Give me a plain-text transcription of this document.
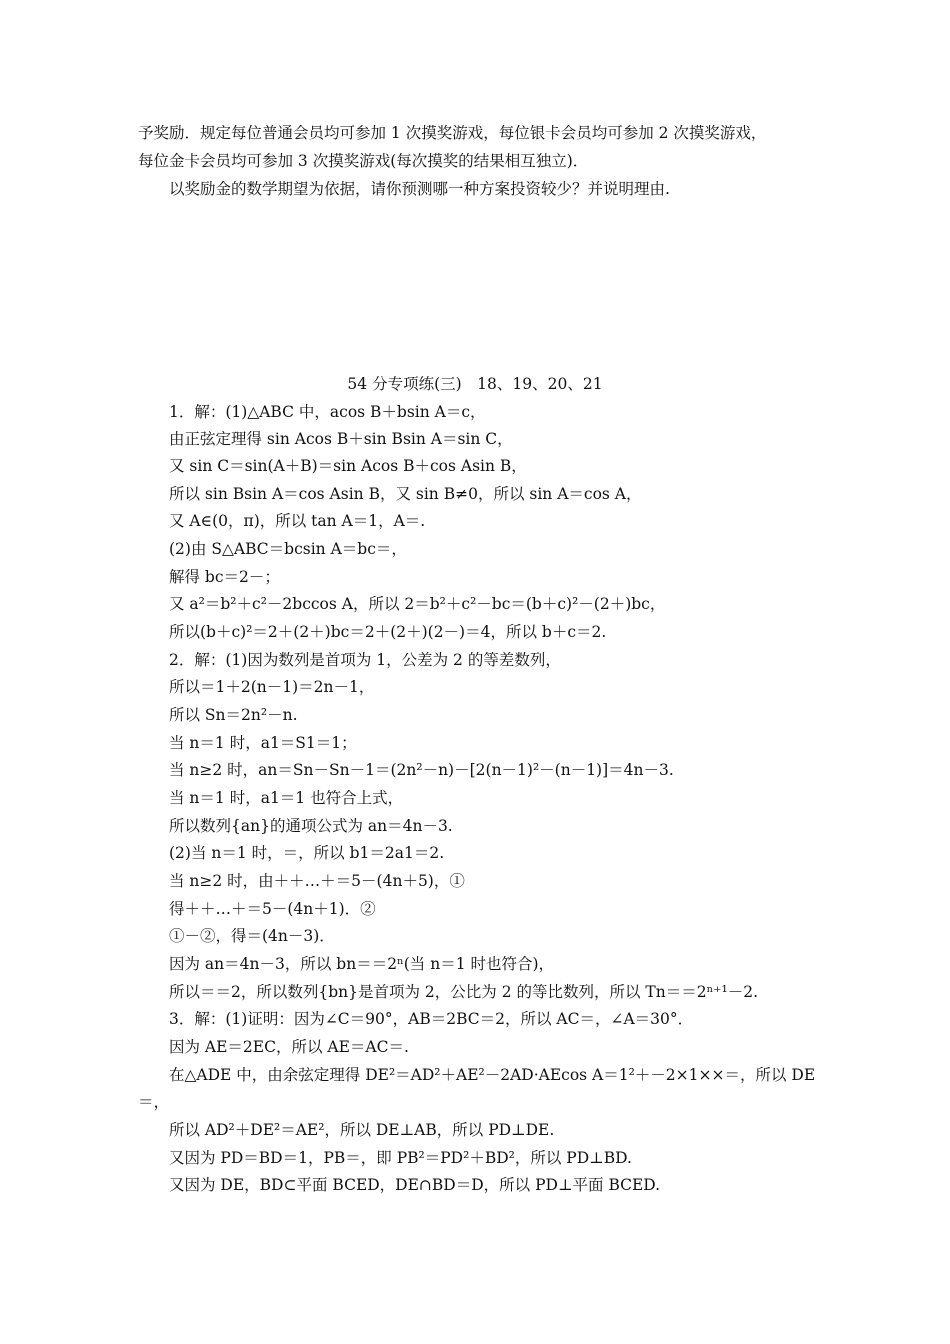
予奖励．规定每位普通会员均可参加 1 次摸奖游戏，每位银卡会员均可参加 2 次摸奖游戏，
每位金卡会员均可参加 3 次摸奖游戏(每次摸奖的结果相互独立)．
以奖励金的数学期望为依据，请你预测哪一种方案投资较少？并说明理由.
54 分专项练(三)　18、19、20、21
1．解：(1)△ABC 中，acos B＋bsin A＝c，
由正弦定理得 sin Acos B＋sin Bsin A＝sin C，
又 sin C＝sin(A＋B)＝sin Acos B＋cos Asin B，
所以 sin Bsin A＝cos Asin B，又 sin B≠0，所以 sin A＝cos A，
又 A∈(0，π)，所以 tan A＝1，A＝.
(2)由 S△ABC＝bcsin A＝bc＝，
解得 bc＝2－；
又 a²＝b²＋c²－2bccos A，所以 2＝b²＋c²－bc＝(b＋c)²－(2＋)bc，
所以(b＋c)²＝2＋(2＋)bc＝2＋(2＋)(2－)＝4，所以 b＋c＝2.
2．解：(1)因为数列是首项为 1，公差为 2 的等差数列，
所以＝1＋2(n－1)＝2n－1，
所以 Sn＝2n²－n.
当 n＝1 时，a1＝S1＝1；
当 n≥2 时，an＝Sn－Sn－1＝(2n²－n)－[2(n－1)²－(n－1)]＝4n－3.
当 n＝1 时，a1＝1 也符合上式，
所以数列{an}的通项公式为 an＝4n－3.
(2)当 n＝1 时，＝，所以 b1＝2a1＝2.
当 n≥2 时，由＋＋…＋＝5－(4n＋5)，①
得＋＋…＋＝5－(4n＋1)．②
①－②，得＝(4n－3)．
因为 an＝4n－3，所以 bn＝＝2ⁿ(当 n＝1 时也符合)，
所以＝＝2，所以数列{bn}是首项为 2，公比为 2 的等比数列，所以 Tn＝＝2ⁿ⁺¹－2.
3．解：(1)证明：因为∠C＝90°，AB＝2BC＝2，所以 AC＝，∠A＝30°．
因为 AE＝2EC，所以 AE＝AC＝.
在△ADE 中，由余弦定理得 DE²＝AD²＋AE²－2AD·AEcos A＝1²＋－2×1××＝，所以 DE
＝，
所以 AD²＋DE²＝AE²，所以 DE⊥AB，所以 PD⊥DE.
又因为 PD＝BD＝1，PB＝，即 PB²＝PD²＋BD²，所以 PD⊥BD.
又因为 DE，BD⊂平面 BCED，DE∩BD＝D，所以 PD⊥平面 BCED.
